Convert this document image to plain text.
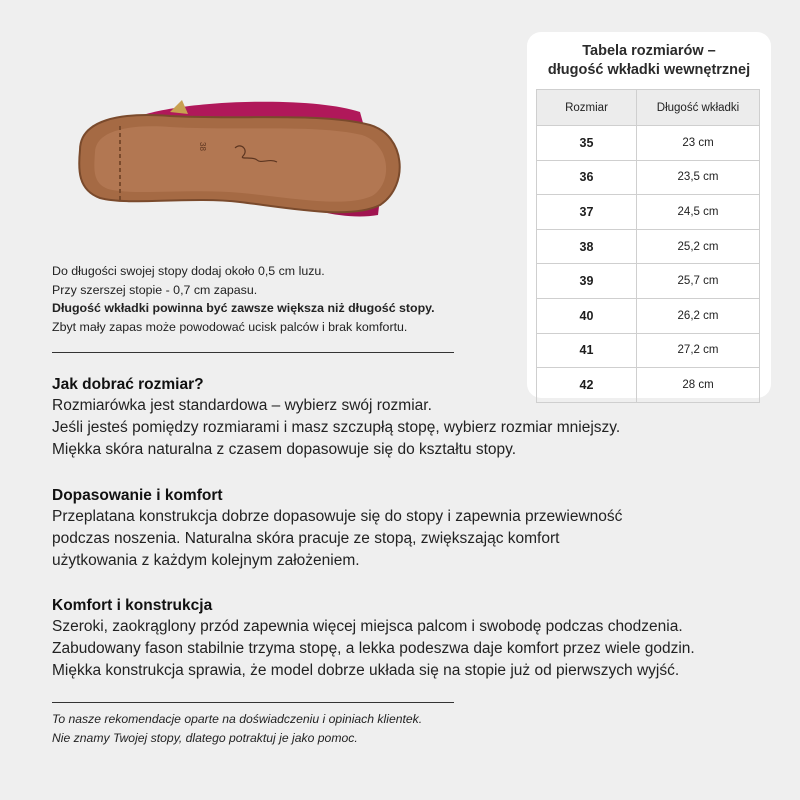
38
Tabela rozmiarów –
długość wkładki wewnętrznej
Rozmiar	Długość wkładki
35	23 cm
36	23,5 cm
37	24,5 cm
38	25,2 cm
39	25,7 cm
40	26,2 cm
41	27,2 cm
42	28 cm
Do długości swojej stopy dodaj około 0,5 cm luzu.
Przy szerszej stopie - 0,7 cm zapasu.
Długość wkładki powinna być zawsze większa niż długość stopy.
Zbyt mały zapas może powodować ucisk palców i brak komfortu.
Jak dobrać rozmiar?

Rozmiarówka jest standardowa – wybierz swój rozmiar.

Jeśli jesteś pomiędzy rozmiarami i masz szczupłą stopę, wybierz rozmiar mniejszy.

Miękka skóra naturalna z czasem dopasowuje się do kształtu stopy.

Dopasowanie i komfort

Przeplatana konstrukcja dobrze dopasowuje się do stopy i zapewnia przewiewność

podczas noszenia. Naturalna skóra pracuje ze stopą, zwiększając komfort

użytkowania z każdym kolejnym założeniem.

Komfort i konstrukcja

Szeroki, zaokrąglony przód zapewnia więcej miejsca palcom i swobodę podczas chodzenia.

Zabudowany fason stabilnie trzyma stopę, a lekka podeszwa daje komfort przez wiele godzin.

Miękka konstrukcja sprawia, że model dobrze układa się na stopie już od pierwszych wyjść.

To nasze rekomendacje oparte na doświadczeniu i opiniach klientek.
Nie znamy Twojej stopy, dlatego potraktuj je jako pomoc.
